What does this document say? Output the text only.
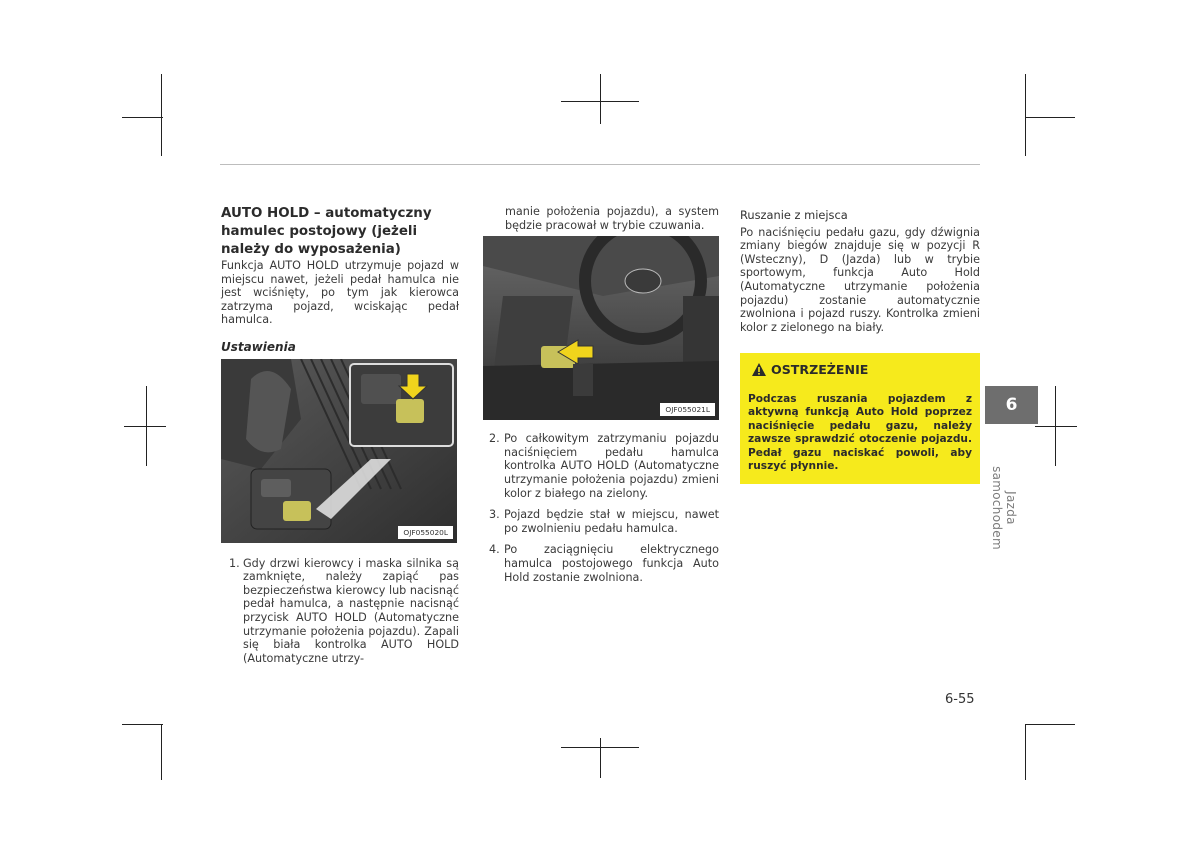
AUTO HOLD – automatyczny hamulec postojowy (jeżeli należy do wyposażenia)

Funkcja AUTO HOLD utrzymuje pojazd w miejscu nawet, jeżeli pedał hamulca nie jest wciśnięty, po tym jak kierowca zatrzyma pojazd, wciskając pedał hamulca.

Ustawienia
OJF055020L
1. Gdy drzwi kierowcy i maska silnika są zamknięte, należy zapiąć pas bezpieczeństwa kierowcy lub nacisnąć pedał hamulca, a następnie nacisnąć przycisk AUTO HOLD (Automatyczne utrzymanie położenia pojazdu). Zapali się biała kontrolka AUTO HOLD (Automatyczne utrzy-

manie położenia pojazdu), a system będzie pracował w trybie czuwania.

OJF055021L
2. Po całkowitym zatrzymaniu pojazdu naciśnięciem pedału hamulca kontrolka AUTO HOLD (Automatyczne utrzymanie położenia pojazdu) zmieni kolor z białego na zielony.
3. Pojazd będzie stał w miejscu, nawet po zwolnieniu pedału hamulca.
4. Po zaciągnięciu elektrycznego hamulca postojowego funkcja Auto Hold zostanie zwolniona.
Ruszanie z miejsca

Po naciśnięciu pedału gazu, gdy dźwignia zmiany biegów znajduje się w pozycji R (Wsteczny), D (Jazda) lub w trybie sportowym, funkcja Auto Hold (Automatyczne utrzymanie położenia pojazdu) zostanie automatycznie zwolniona i pojazd ruszy. Kontrolka zmieni kolor z zielonego na biały.

OSTRZEŻENIE
Podczas ruszania pojazdem z aktywną funkcją Auto Hold poprzez naciśnięcie pedału gazu, należy zawsze sprawdzić otoczenie pojazdu. Pedał gazu naciskać powoli, aby ruszyć płynnie.
6
Jazda samochodem
6-55
